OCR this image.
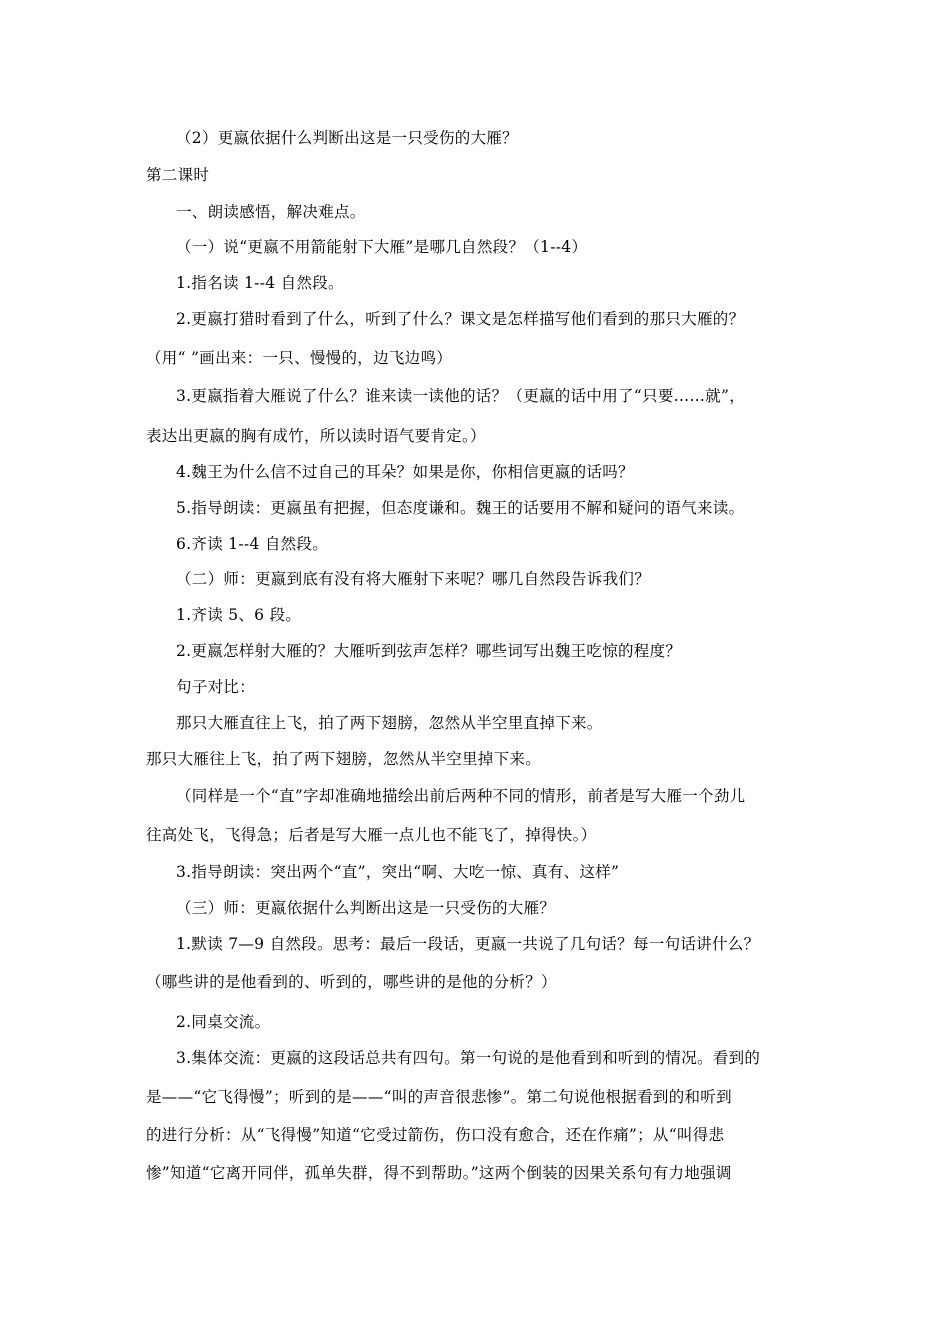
（2）更嬴依据什么判断出这是一只受伤的大雁？
第二课时
一、朗读感悟，解决难点。
（一）说“更嬴不用箭能射下大雁”是哪几自然段？（1--4）
1.指名读 1--4 自然段。
2.更嬴打猎时看到了什么，听到了什么？课文是怎样描写他们看到的那只大雁的？
（用“ ”画出来：一只、慢慢的，边飞边鸣）
3.更嬴指着大雁说了什么？谁来读一读他的话？（更嬴的话中用了“只要……就”，
表达出更嬴的胸有成竹，所以读时语气要肯定。）
4.魏王为什么信不过自己的耳朵？如果是你，你相信更嬴的话吗？
5.指导朗读：更嬴虽有把握，但态度谦和。魏王的话要用不解和疑问的语气来读。
6.齐读 1--4 自然段。
（二）师：更嬴到底有没有将大雁射下来呢？哪几自然段告诉我们？
1.齐读 5、6 段。
2.更嬴怎样射大雁的？大雁听到弦声怎样？哪些词写出魏王吃惊的程度？
句子对比：
那只大雁直往上飞，拍了两下翅膀，忽然从半空里直掉下来。
那只大雁往上飞，拍了两下翅膀，忽然从半空里掉下来。
（同样是一个“直”字却准确地描绘出前后两种不同的情形，前者是写大雁一个劲儿
往高处飞，飞得急；后者是写大雁一点儿也不能飞了，掉得快。）
3.指导朗读：突出两个“直”，突出“啊、大吃一惊、真有、这样”
（三）师：更嬴依据什么判断出这是一只受伤的大雁？
1.默读 7—9 自然段。思考：最后一段话，更嬴一共说了几句话？每一句话讲什么？
（哪些讲的是他看到的、听到的，哪些讲的是他的分析？）
2.同桌交流。
3.集体交流：更嬴的这段话总共有四句。第一句说的是他看到和听到的情况。看到的
是——“它飞得慢”；听到的是——“叫的声音很悲惨”。第二句说他根据看到的和听到
的进行分析：从“飞得慢”知道“它受过箭伤，伤口没有愈合，还在作痛”；从“叫得悲
惨”知道“它离开同伴，孤单失群，得不到帮助。”这两个倒装的因果关系句有力地强调
